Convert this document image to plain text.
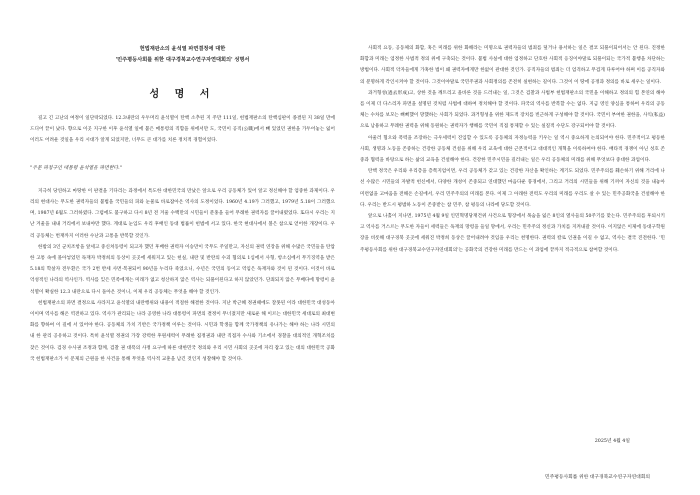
헌법재판소의 윤석열 파면결정에 대한
'민주평등사회를 위한 대구경북교수연구자연대회의' 성명서
성 명 서

길고 긴 고난의 여정이 일단락되었다. 12.3내란의 우두머리 윤석열이 탄핵 소추된 지 주만 111일, 헌법재판소의 탄핵심판이 종결된 지 38일 만에 드디어 끝이 났다. 향으로 이곳 지구한 이후 윤석열 일에 불은 매통령의 직함을 위에서만 도, 국민이 공직(公職)에서 빼 있었던 권한을 가두어놓는 잃어 이러도 어려운 것일을 우리 시대가 알게 되었지만, 너무도 큰 대가를 치른 정치적 경험이었다.

"주문 피청구인 대통령 윤석열을 파면한다."

지극히 당연하고 마땅한 이 판결을 기다리는 과정에서 특도한 대한민국의 만났은 앞으로 우리 공동체가 있어 알고 정신해야 할 엄중한 과제이다. 우리의 현대사는 무도한 권력자들의 불법을 국민들의 피와 눈물로 바로잡아온 역사의 도정이었다. 1960년 4.19가 그러했고, 1979년 5.18이 그러했으며, 1987년 6월도 그러하였다. 그럼에도 불구하고 다시 8년 전 겨울 수백만의 시민들이 분홍을 들어 무례한 권력자를 끌어내렸었다. 또다시 우리는 지난 겨울을 내내 거리에서 보내야만 했다. 게대로 눈입도 우리 후배인 동대 법률이 헌법에 서고 있다. 한국 현대사에서 볼은 참으로 얻어한 개장이다. 우리 공동체는 번재까지 이러한 수난과 고통을 반복할 것인가.

한밤의 3인 군치조항을 앞세고 중신쳐동령이 되고자 했던 후배한 권력자 이승만이 국무도 주일만고, 자신의 권력 연장을 위해 수많은 국민들을 탄압한 고통 속에 몰아넣었던 독재자 박정희의 동상이 곳곳에 세워지고 있는 헌실, 내란 및 반란의 수괴 혐의로 1심에서 사형, 항소심에서 무기징역을 받은 5.18의 학살자 전두환은 국가 2번 반세 사면·복권되어 90년을 누리다 죽었으니, 수년은 국민의 동이고 역임은 독재자와 것이 된 것이다. 이것이 바로 억성적인 나라의 역사인가. 역사를 잊은 민족에게는 미래가 없고 청산하지 않은 역사는 되풀이된다고 하지 않았던가. 단죄되지 않은 무배다에 망령이 윤석열이 확실한 12.3 내란으로 다시 돌아온 것이니, 이제 우리 공동체는 무엇을 해야 할 것인가.

헌법재판소의 파면 결정으로 사라지고 윤석열의 내란행위와 내용이 적절한 해결한 것이다. 지난 박근혜 정권때에도 잘못된 이라 대한민국 대성동아이이며 역사를 해온 역전하고 있다. 역사가 관리되는 나라 공영한 나라 대통령이 파면의 결정이 무너졌지만 새로운 해 이르는 대한민국 세대로의 최대변화를 향하여 이 길에 서 있어야 한다. 공동체의 가치 기반은 국가정책 이루는 것이다. 시민과 학생들 함께 국가정책의 유나가는 해야 하는 나라 시민의 내 한 관리 공유하고 것이다. 특히 윤석열 정권의 가장 강력한 후원세력이 무례한 집정권과 내란 직접자 수사와 기소에서 경찰을 대의적인 개혁조치를 찾은 것이다. 검경 수사권 조정과 함께, 검찰 권 대폭의 사정 요구에 따른 대한민국 정의와 우리 시민 사회의 곳곳에 자리 잡고 있는 대의 대한민국 공화국 헌법재판소가 이 문제의 근원을 한 사건을 통해 무엇을 역사적 교훈을 남긴 것인지 성찰해야 할 것이다.

사회적 요동, 공동체의 화합, 혹은 미래를 위한 화해라는 미명으로 권력자들의 범죄를 덮거나 용서하는 일은 결코 되풀이되어서는 안 된다. 진정한 화합과 미래는 엄정한 사법적 정의 위에 구축되는 것이다. 불법 사실에 대한 엄정하고 단호한 사회적 응징이야말로 되풀이되는 국가적 불행을 차단하는 방법이다. 사회적 악자들에게 가혹한 법이 왜 권력자에게만 한없이 관대한 것인가. 공직자들의 범죄는 더 엄격하고 무겁게 다루어야 하며 이를 공직자와의 분명하게 각인시켜야 할 것이다. 그것이야말로 국민주권과 사회정의를 존전히 실현하는 길이다. 그것이 이 땅에 공정과 정의를 바로 세우는 일이다.

과거형성(過去形成)고, 상한 것을 깨트리고 올바른 것을 드러내는 일, 그것은 검찰과 사법부 헌법재판소의 국민을 이해하고 정의의 힘 본연의 해야를 이제 더 다스리자 파면을 설명된 것처럼 사법에 대하여 정치해야 할 것이다. 파국의 역사를 반복할 수는 없다. 지금 영인 양심을 통하여 우리의 공동체는 수차를 보모는 뼈뻐했이 망했하는 사회가 되었다. 과거형성을 위한 제도적 장치를 빈근하게 구성해야 할 것이다. 국민이 부여한 권한을, 사익(私益)으로 남용하고 무례한 권력을 위해 동원하는 권력자가 행해를 국민이 직접 통제할 수 있는 실질적 수단도 강구되어야 할 것이다.

아울러 혐오와 폭력을 조장하는 극우세력이 진입할 수 있도록 공동체의 자정능력을 키우는 일 역시 중요하게 논의되어야 한다. 민주적이고 평등한 사회, 생명과 노동을 존중하는 건강한 공동체 건설을 위해 우리 교육에 대한 근본적이고 대대적인 개혁을 이룩하여야 한다. 배타적 경쟁이 아닌 성호 존중과 협력을 바탕으로 하는 삶의 교육을 건설해야 한다. 건강한 민주시민을 길러내는 일은 우리 공동체의 미래를 위해 무엇보다 중대한 과업이다.

탄핵 정국은 우리와 우리층을 층쪽지엄이면, 우리 공동체가 갖고 있는 건강한 자산을 확인하는 계기도 되었다. 민주주의를 훼손하기 위해 거리에 나선 수많은 시민들의 자발적 헌신에서, 다양한 개성이 존중되고 연대했던 마음다운 풍경에서, 그리고 거리의 시민들을 위해 기꺼이 자신의 것을 내놓아 미련없을 고마움을 전해온 손길에서, 우리 민주주의의 미래를 본다. 이제 그 아래한 전력도 우리의 미래를 우리도 살 수 있는 민주공화국을 건설해야 한다. 우리는 반드시 평범하 노동이 존중받는 참 민주, 참 평등의 나라에 당도할 것이다.

앞으로 나홀이 지나면, 1975년 4월 9일 인민혁명당재건위 사건으로 형장에서 목숨을 잃은 8인의 열사들의 50주기를 맞는다. 민주주의를 후퇴시키고 역사를 거스르는 무도한 자들이 세력들은 독재의 망령을 들일 망에서, 우리는 민주주의 정신과 가치를 지켜내갈 것이다. 이지않은 이제에 동대구학원장을 비롯해 대구경북 곳곳에 세워진 박정희 동상은 끌어내려야 것임을 우리는 천명한다. 권력의 칼로 인권을 이길 수 없고, 역사는 결국 진전한다. '민주평등사회를 위한 대구경북교수연구자연대회의'는 공화국의 건강한 미래를 만드는 이 과업에 끝까지 적극적으로 참여할 것이다.

2025년 4월 4일
민주평등사회를 위한 대구경북교수연구자연대회의
